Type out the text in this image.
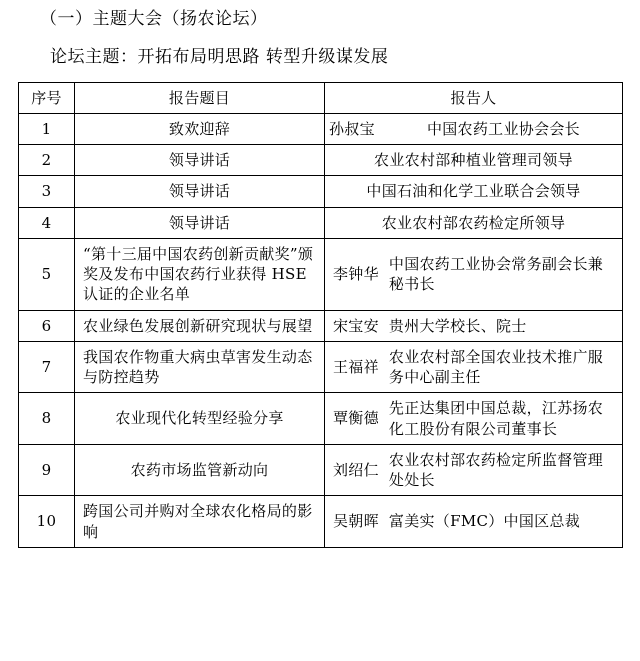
（一）主题大会（扬农论坛）
论坛主题：开拓布局明思路 转型升级谋发展
序号	报告题目	报告人
1	致欢迎辞	孙叔宝 中国农药工业协会会长

2	领导讲话	农业农村部种植业管理司领导

3	领导讲话	中国石油和化学工业联合会领导

4	领导讲话	农业农村部农药检定所领导

5	“第十三届中国农药创新贡献奖”颁奖及发布中国农药行业获得 HSE 认证的企业名单	李钟华
中国农药工业协会常务副会长兼秘书长

6	农业绿色发展创新研究现状与展望	宋宝安 贵州大学校长、院士

7	我国农作物重大病虫草害发生动态与防控趋势	王福祥
农业农村部全国农业技术推广服务中心副主任

8	农业现代化转型经验分享	覃衡德
先正达集团中国总裁，江苏扬农化工股份有限公司董事长

9	农药市场监管新动向	刘绍仁
农业农村部农药检定所监督管理处处长

10	跨国公司并购对全球农化格局的影响	吴朝晖 富美实（FMC）中国区总裁
